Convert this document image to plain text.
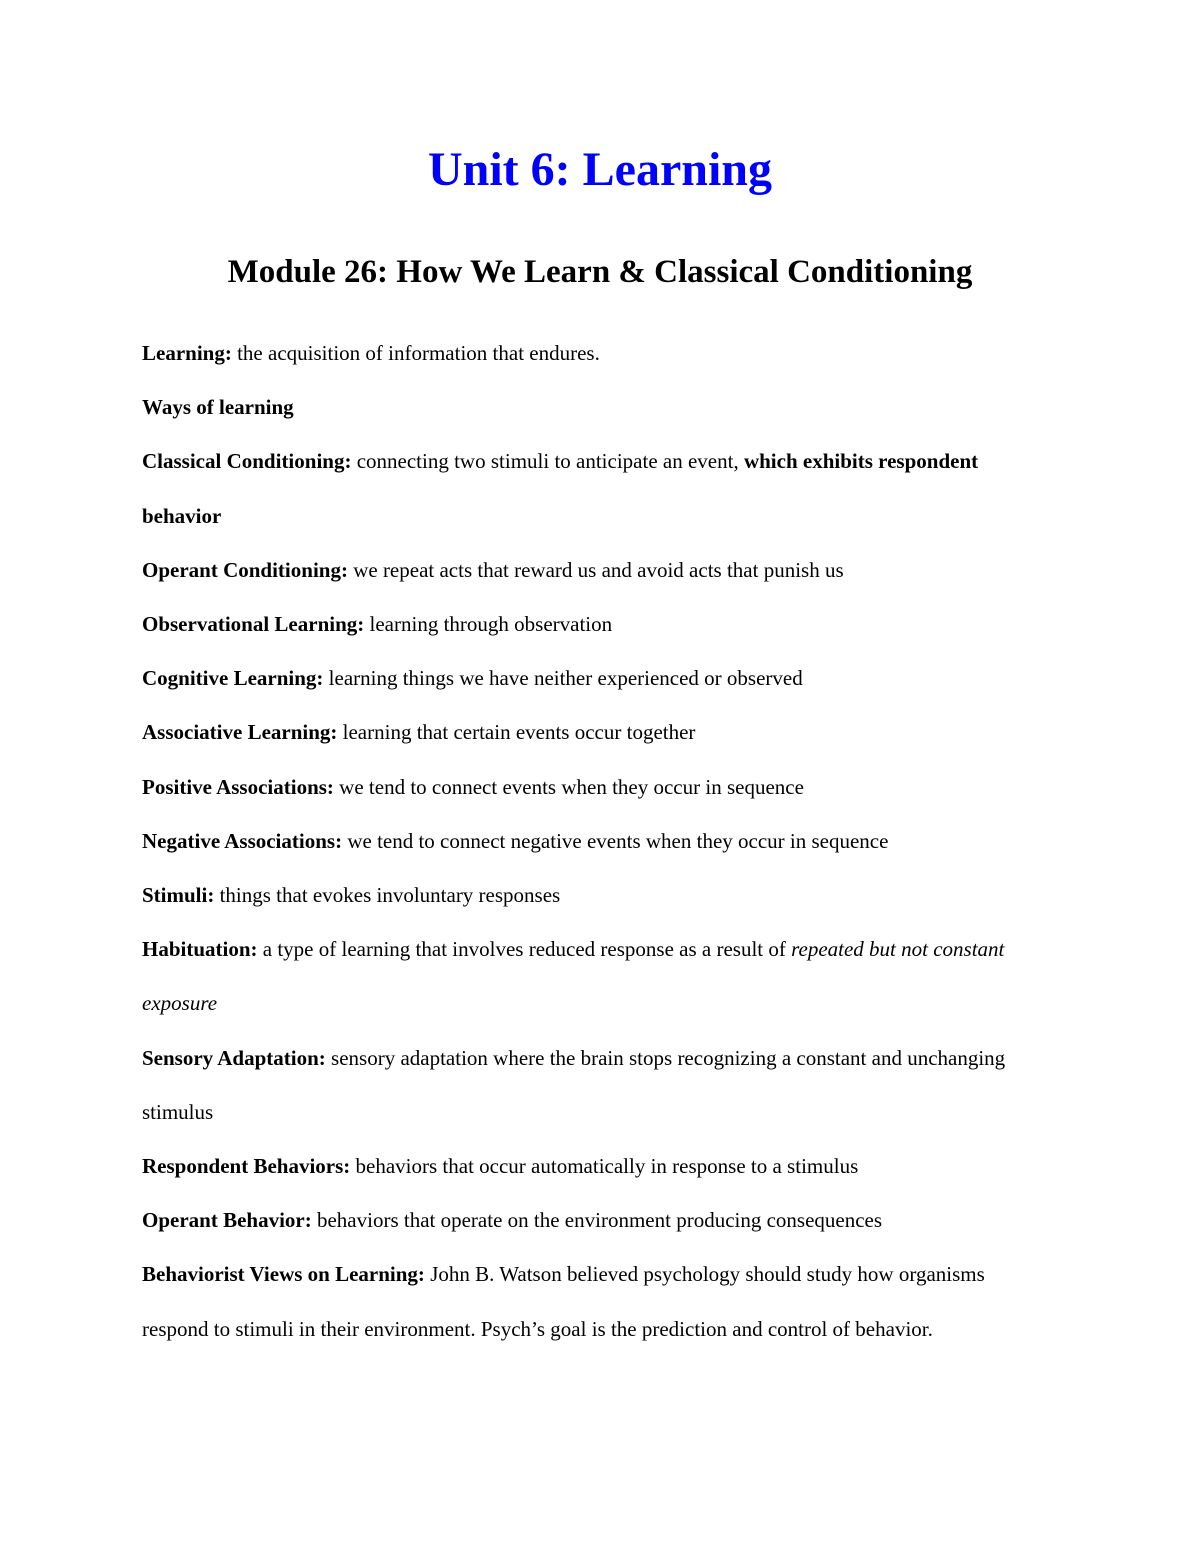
Unit 6: Learning
Module 26: How We Learn & Classical Conditioning

Learning: the acquisition of information that endures.

Ways of learning

Classical Conditioning: connecting two stimuli to anticipate an event, which exhibits respondent behavior

Operant Conditioning: we repeat acts that reward us and avoid acts that punish us

Observational Learning: learning through observation

Cognitive Learning: learning things we have neither experienced or observed

Associative Learning: learning that certain events occur together

Positive Associations: we tend to connect events when they occur in sequence

Negative Associations: we tend to connect negative events when they occur in sequence

Stimuli: things that evokes involuntary responses

Habituation: a type of learning that involves reduced response as a result of repeated but not constant exposure

Sensory Adaptation: sensory adaptation where the brain stops recognizing a constant and unchanging stimulus

Respondent Behaviors: behaviors that occur automatically in response to a stimulus

Operant Behavior: behaviors that operate on the environment producing consequences

Behaviorist Views on Learning: John B. Watson believed psychology should study how organisms respond to stimuli in their environment. Psych’s goal is the prediction and control of behavior.
